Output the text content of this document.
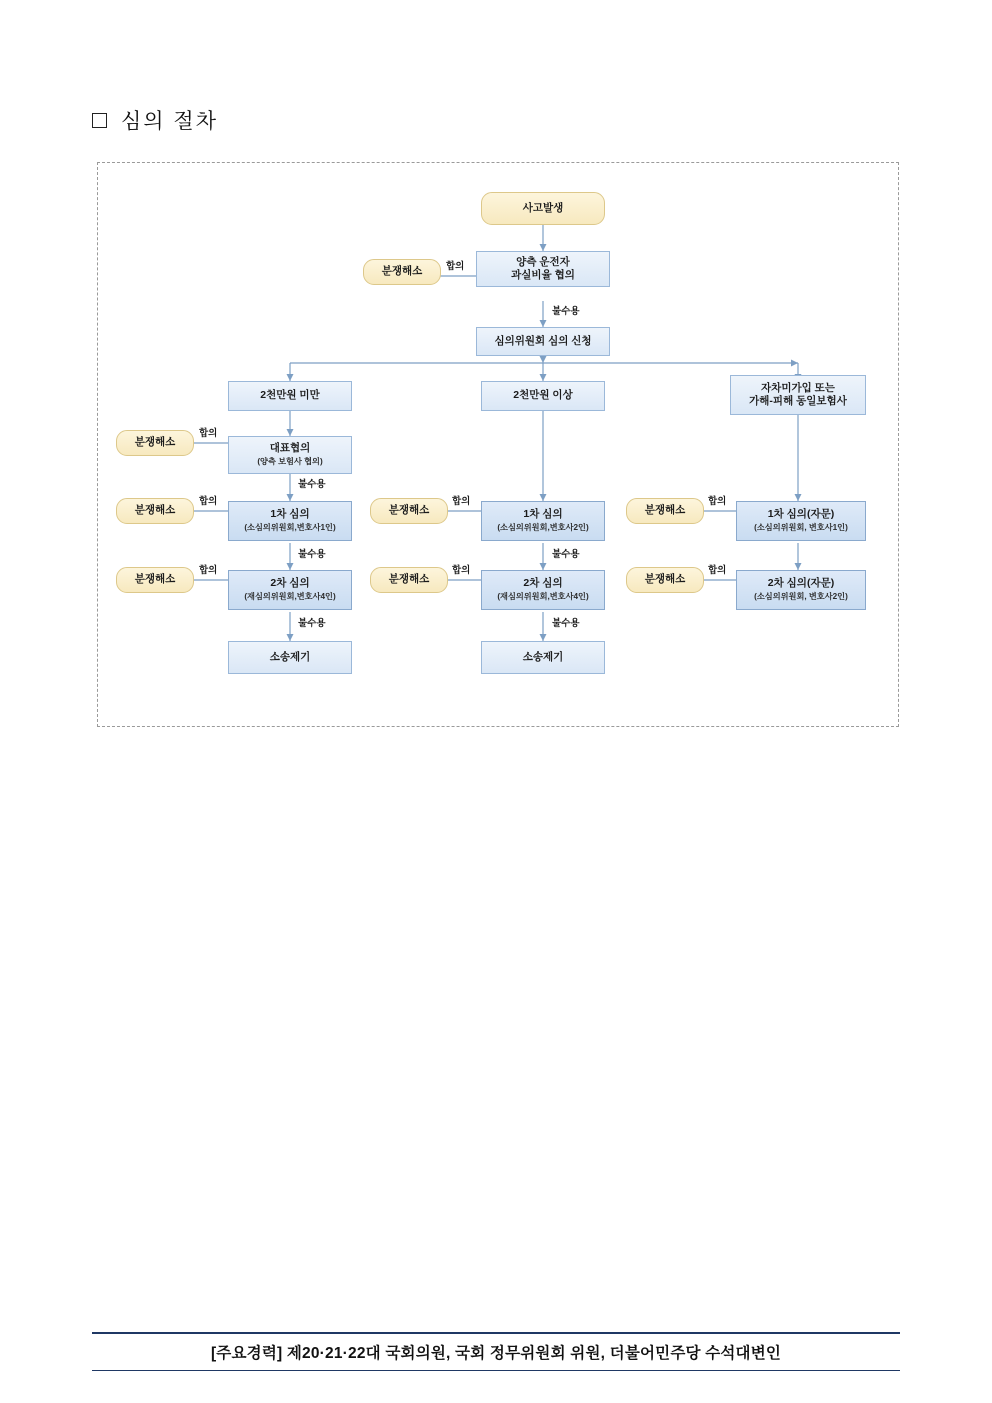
심의 절차
사고발생
양측 운전자
과실비율 협의
분쟁해소 합의
불수용
심의위원회 심의 신청
2천만원 미만	2천만원 이상
자차미가입 또는
가해-피해 동일보험사
대표협의
(양측 보험사 협의)
분쟁해소
합의
불수용
1차 심의
(소심의위원회,변호사1인)
분쟁해소
합의
불수용
2차 심의
(재심의위원회,변호사4인)
분쟁해소
합의
불수용
소송제기
1차 심의
(소심의위원회,변호사2인)
분쟁해소
합의
불수용
2차 심의
(재심의위원회,변호사4인)
분쟁해소
합의
불수용
소송제기
1차 심의(자문)
(소심의위원회, 변호사1인)
분쟁해소
합의
2차 심의(자문)
(소심의위원회, 변호사2인)
분쟁해소
합의
[주요경력] 제20·21·22대 국회의원, 국회 정무위원회 위원, 더불어민주당 수석대변인
